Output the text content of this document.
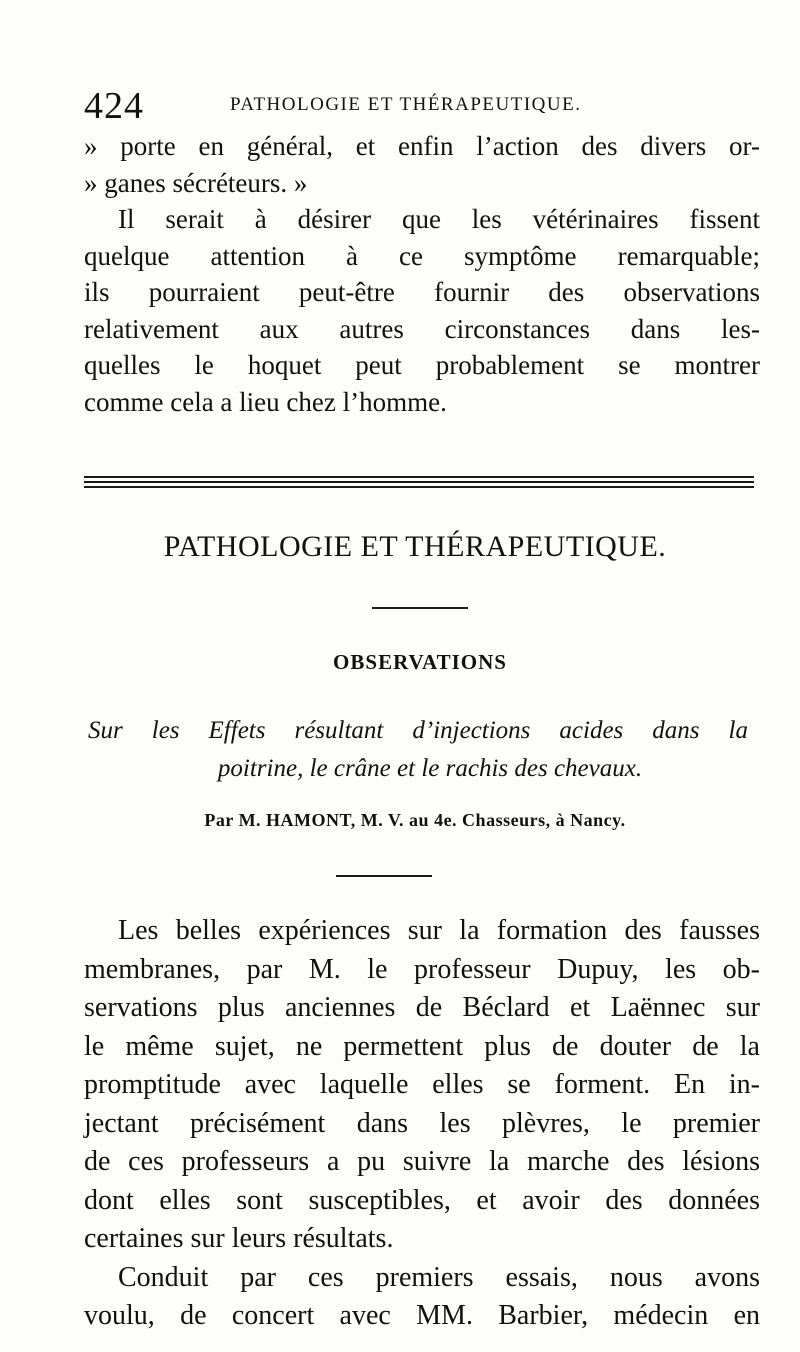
424	PATHOLOGIE ET THÉRAPEUTIQUE.
» porte en général, et enfin l’action des divers or-
» ganes sécréteurs. »
Il serait à désirer que les vétérinaires fissent
quelque attention à ce symptôme remarquable;
ils pourraient peut-être fournir des observations
relativement aux autres circonstances dans les-
quelles le hoquet peut probablement se montrer
comme cela a lieu chez l’homme.
PATHOLOGIE ET THÉRAPEUTIQUE.
OBSERVATIONS
Sur les Effets résultant d’injections acides dans la
poitrine, le crâne et le rachis des chevaux.
Par M. HAMONT, M. V. au 4e. Chasseurs, à Nancy.
Les belles expériences sur la formation des fausses
membranes, par M. le professeur Dupuy, les ob-
servations plus anciennes de Béclard et Laënnec sur
le même sujet, ne permettent plus de douter de la
promptitude avec laquelle elles se forment. En in-
jectant précisément dans les plèvres, le premier
de ces professeurs a pu suivre la marche des lésions
dont elles sont susceptibles, et avoir des données
certaines sur leurs résultats.
Conduit par ces premiers essais, nous avons
voulu, de concert avec MM. Barbier, médecin en
